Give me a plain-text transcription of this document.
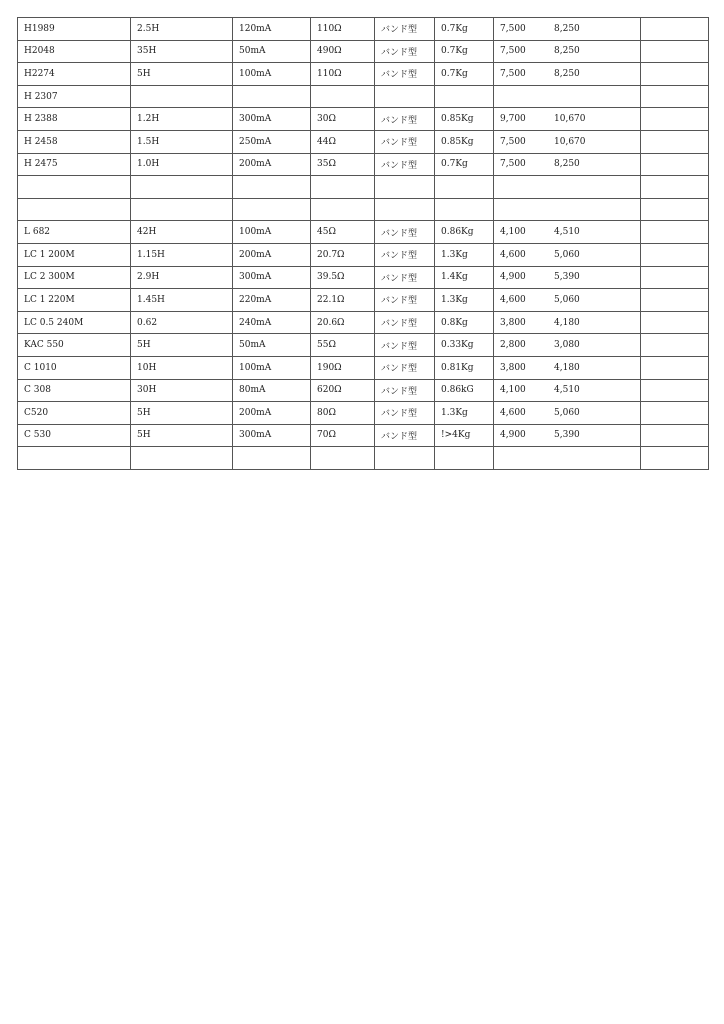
H1989	2.5H	120mA	110Ω	バンド型	0.7Kg	7,500 8,250	

H2048	35H	50mA	490Ω	バンド型	0.7Kg	7,500 8,250	

H2274	5H	100mA	110Ω	バンド型	0.7Kg	7,500 8,250	

H 2307						

H 2388	1.2H	300mA	30Ω	バンド型	0.85Kg	9,700 10,670	

H 2458	1.5H	250mA	44Ω	バンド型	0.85Kg	7,500 10,670	

H 2475	1.0H	200mA	35Ω	バンド型	0.7Kg	7,500 8,250	

L 682	42H	100mA	45Ω	バンド型	0.86Kg	4,100 4,510	

LC 1 200M	1.15H	200mA	20.7Ω	バンド型	1.3Kg	4,600 5,060	

LC 2 300M	2.9H	300mA	39.5Ω	バンド型	1.4Kg	4,900 5,390	

LC 1 220M	1.45H	220mA	22.1Ω	バンド型	1.3Kg	4,600 5,060	

LC 0.5 240M	0.62	240mA	20.6Ω	バンド型	0.8Kg	3,800 4,180	

KAC 550	5H	50mA	55Ω	バンド型	0.33Kg	2,800 3,080	

C 1010	10H	100mA	190Ω	バンド型	0.81Kg	3,800 4,180	

C 308	30H	80mA	620Ω	バンド型	0.86kG	4,100 4,510	

C520	5H	200mA	80Ω	バンド型	1.3Kg	4,600 5,060	

C 530	5H	300mA	70Ω	バンド型	!>4Kg	4,900 5,390	
